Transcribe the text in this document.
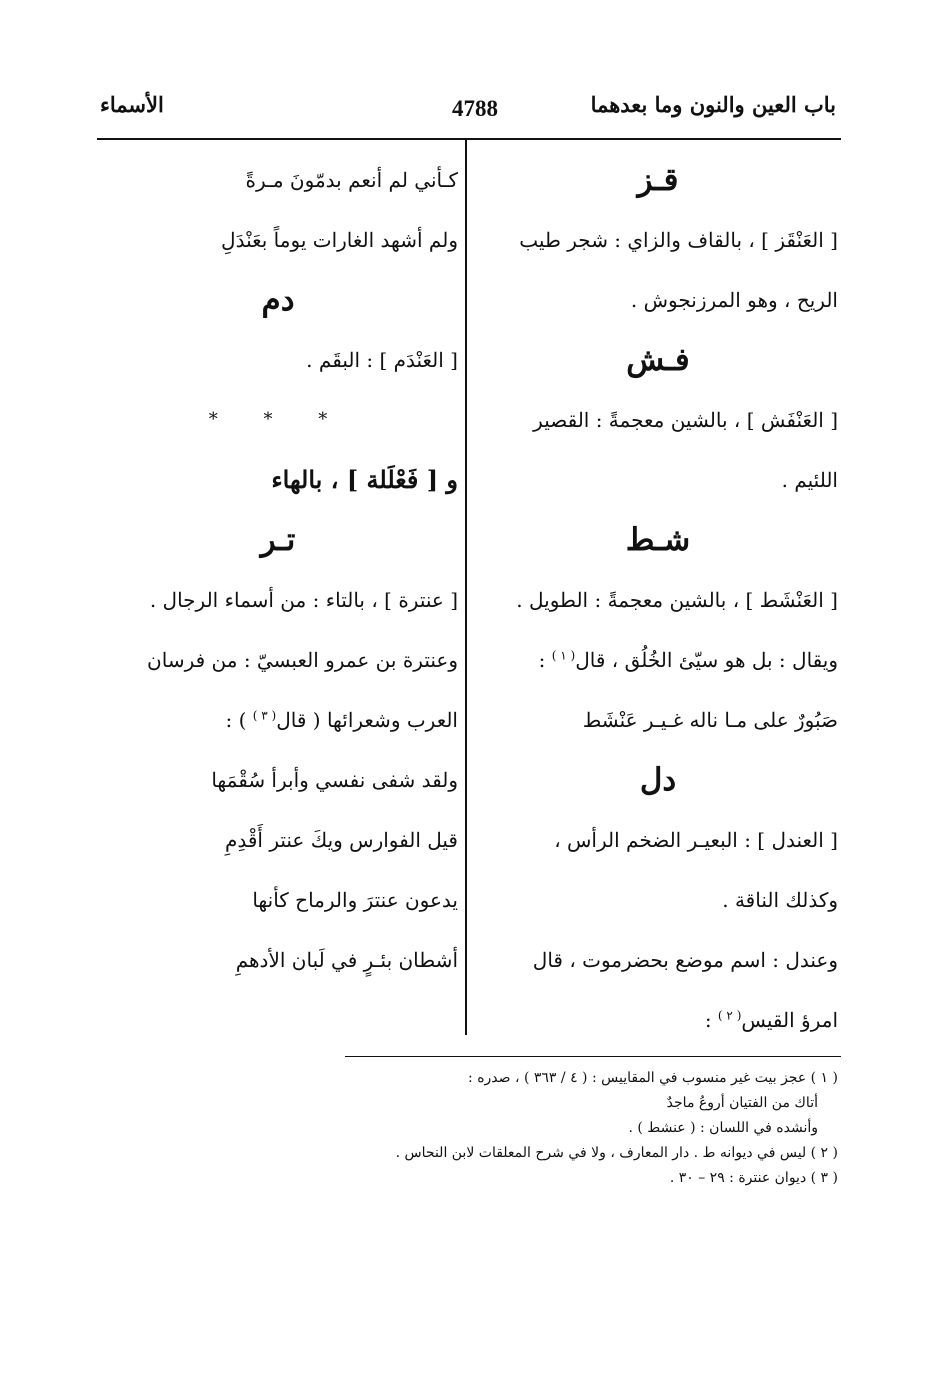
باب العين والنون وما بعدهما
4788
الأسماء
قـز
[ العَنْقَز ] ، بالقاف والزاي : شجر طيب
الريح ، وهو المرزنجوش .
فـش
[ العَنْفَش ] ، بالشين معجمةً : القصير
اللئيم .
شـط
[ العَنْشَط ] ، بالشين معجمةً : الطويل .
ويقال : بل هو سيّئ الخُلُق ، قال$^{( ١ )}$ :
صَبُورٌ على مـا ناله غـيـر عَنْشَط
دل
[ العندل ] : البعيـر الضخم الرأس ،
وكذلك الناقة .
وعندل : اسم موضع بحضرموت ، قال
امرؤ القيس$^{( ٢ )}$ :
كـأني لم أنعم بدمّونَ مـرةً
ولم أشهد الغارات يوماً بعَنْدَلِ
دم
[ العَنْدَم ] : البقَم .
* * *
و [ فَعْلَلة ] ، بالهاء
تـر
[ عنترة ] ، بالتاء : من أسماء الرجال .
وعنترة بن عمرو العبسيّ : من فرسان
العرب وشعرائها ( قال$^{( ٣ )}$ ) :
ولقد شفى نفسي وأبرأ سُقْمَها
قيل الفوارس ويكَ عنتر أَقْدِمِ
يدعون عنترَ والرماح كأنها
أشطان بئـرٍ في لَبان الأدهمِ
( ١ ) عجز بيت غير منسوب في المقاييس : ( ٤ / ٣٦٣ ) ، صدره :
أتاك من الفتيان أروعُ ماجدٌ
وأنشده في اللسان : ( عنشط ) .
( ٢ ) ليس في ديوانه ط . دار المعارف ، ولا في شرح المعلقات لابن النحاس .
( ٣ ) ديوان عنترة : ٢٩ – ٣٠ .
